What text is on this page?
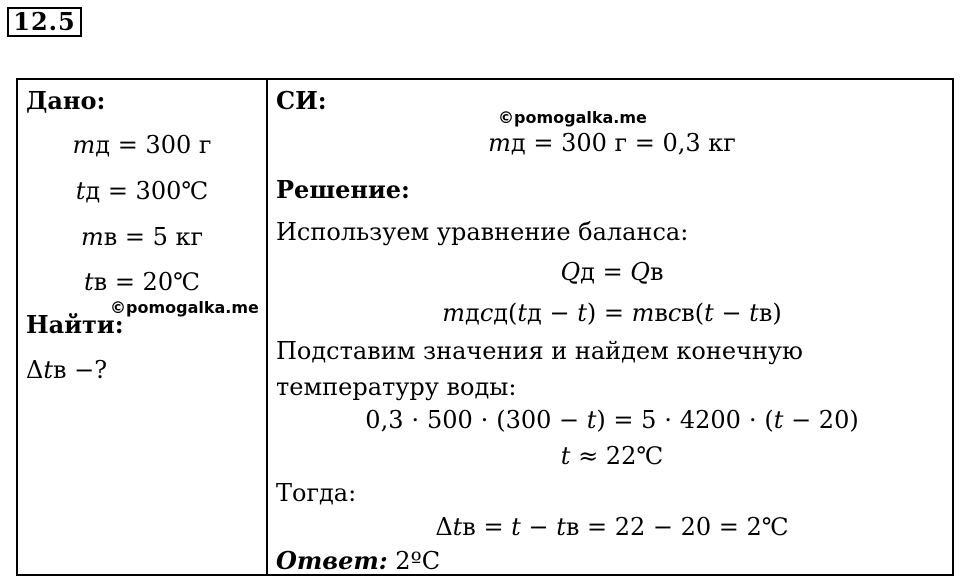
12.5
Дано:
𝑚д = 300 г
𝑡д = 300℃
𝑚в = 5 кг
𝑡в = 20℃
Найти:
Δ𝑡в −?
©pomogalka.me
СИ:
©pomogalka.me
𝑚д = 300 г = 0,3 кг
Решение:
Используем уравнение баланса:
𝑄д = 𝑄в
𝑚д𝑐д(𝑡д − 𝑡) = 𝑚в𝑐в(𝑡 − 𝑡в)
Подставим значения и найдем конечную
температуру воды:
0,3 ⋅ 500 ⋅ (300 − 𝑡) = 5 ⋅ 4200 ⋅ (𝑡 − 20)
𝑡 ≈ 22℃
Тогда:
Δ𝑡в = 𝑡 − 𝑡в = 22 − 20 = 2℃
Ответ: 2ºC
